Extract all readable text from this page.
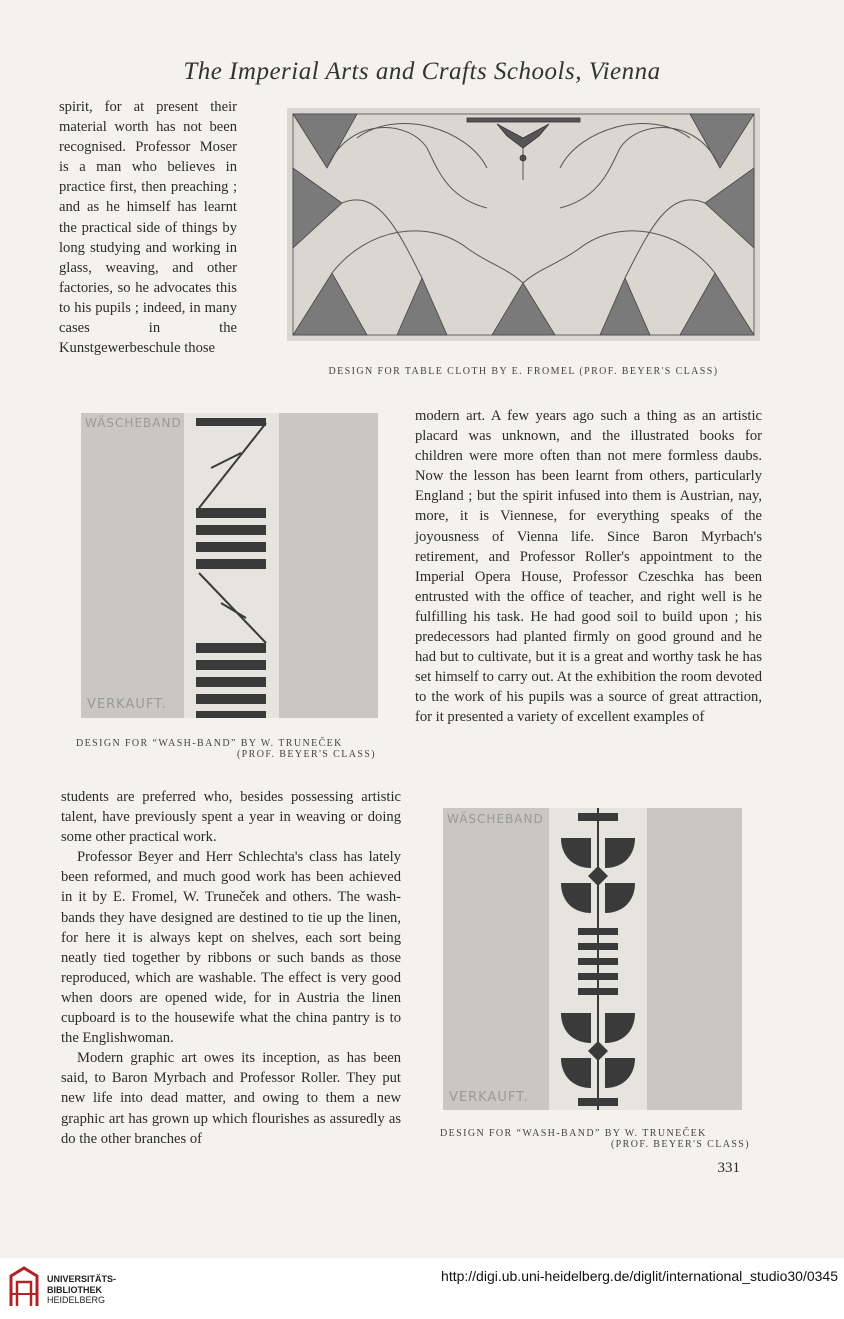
The Imperial Arts and Crafts Schools, Vienna

spirit, for at present their material worth has not been recognised. Professor Moser is a man who believes in practice first, then preaching ; and as he himself has learnt the practical side of things by long studying and working in glass, weaving, and other factories, so he advocates this to his pupils ; indeed, in many cases in the Kunstgewerbeschule those

DESIGN FOR TABLE CLOTH BY E. FROMEL (PROF. BEYER'S CLASS)
WÄSCHEBAND
VERKAUFT.
DESIGN FOR “WASH-BAND” BY W. TRUNEČEK
(PROF. BEYER'S CLASS)

modern art. A few years ago such a thing as an artistic placard was unknown, and the illustrated books for children were more often than not mere formless daubs. Now the lesson has been learnt from others, particularly England ; but the spirit infused into them is Austrian, nay, more, it is Viennese, for everything speaks of the joyousness of Vienna life. Since Baron Myrbach's retirement, and Professor Roller's appointment to the Imperial Opera House, Professor Czeschka has been entrusted with the office of teacher, and right well is he fulfilling his task. He had good soil to build upon ; his predecessors had planted firmly on good ground and he had but to cultivate, but it is a great and worthy task he has set himself to carry out. At the exhibition the room devoted to the work of his pupils was a source of great attraction, for it presented a variety of excellent examples of

students are preferred who, besides possessing artistic talent, have previously spent a year in weaving or doing some other practical work.

Professor Beyer and Herr Schlechta's class has lately been reformed, and much good work has been achieved in it by E. Fromel, W. Truneček and others. The wash-bands they have designed are destined to tie up the linen, for here it is always kept on shelves, each sort being neatly tied together by ribbons or such bands as those reproduced, which are washable. The effect is very good when doors are opened wide, for in Austria the linen cupboard is to the housewife what the china pantry is to the Englishwoman.

Modern graphic art owes its inception, as has been said, to Baron Myrbach and Professor Roller. They put new life into dead matter, and owing to them a new graphic art has grown up which flourishes as assuredly as do the other branches of

WÄSCHEBAND
VERKAUFT.
DESIGN FOR “WASH-BAND” BY W. TRUNEČEK
(PROF. BEYER'S CLASS)
331
UNIVERSITÄTS-
BIBLIOTHEK
HEIDELBERG
http://digi.ub.uni-heidelberg.de/diglit/international_studio30/0345
